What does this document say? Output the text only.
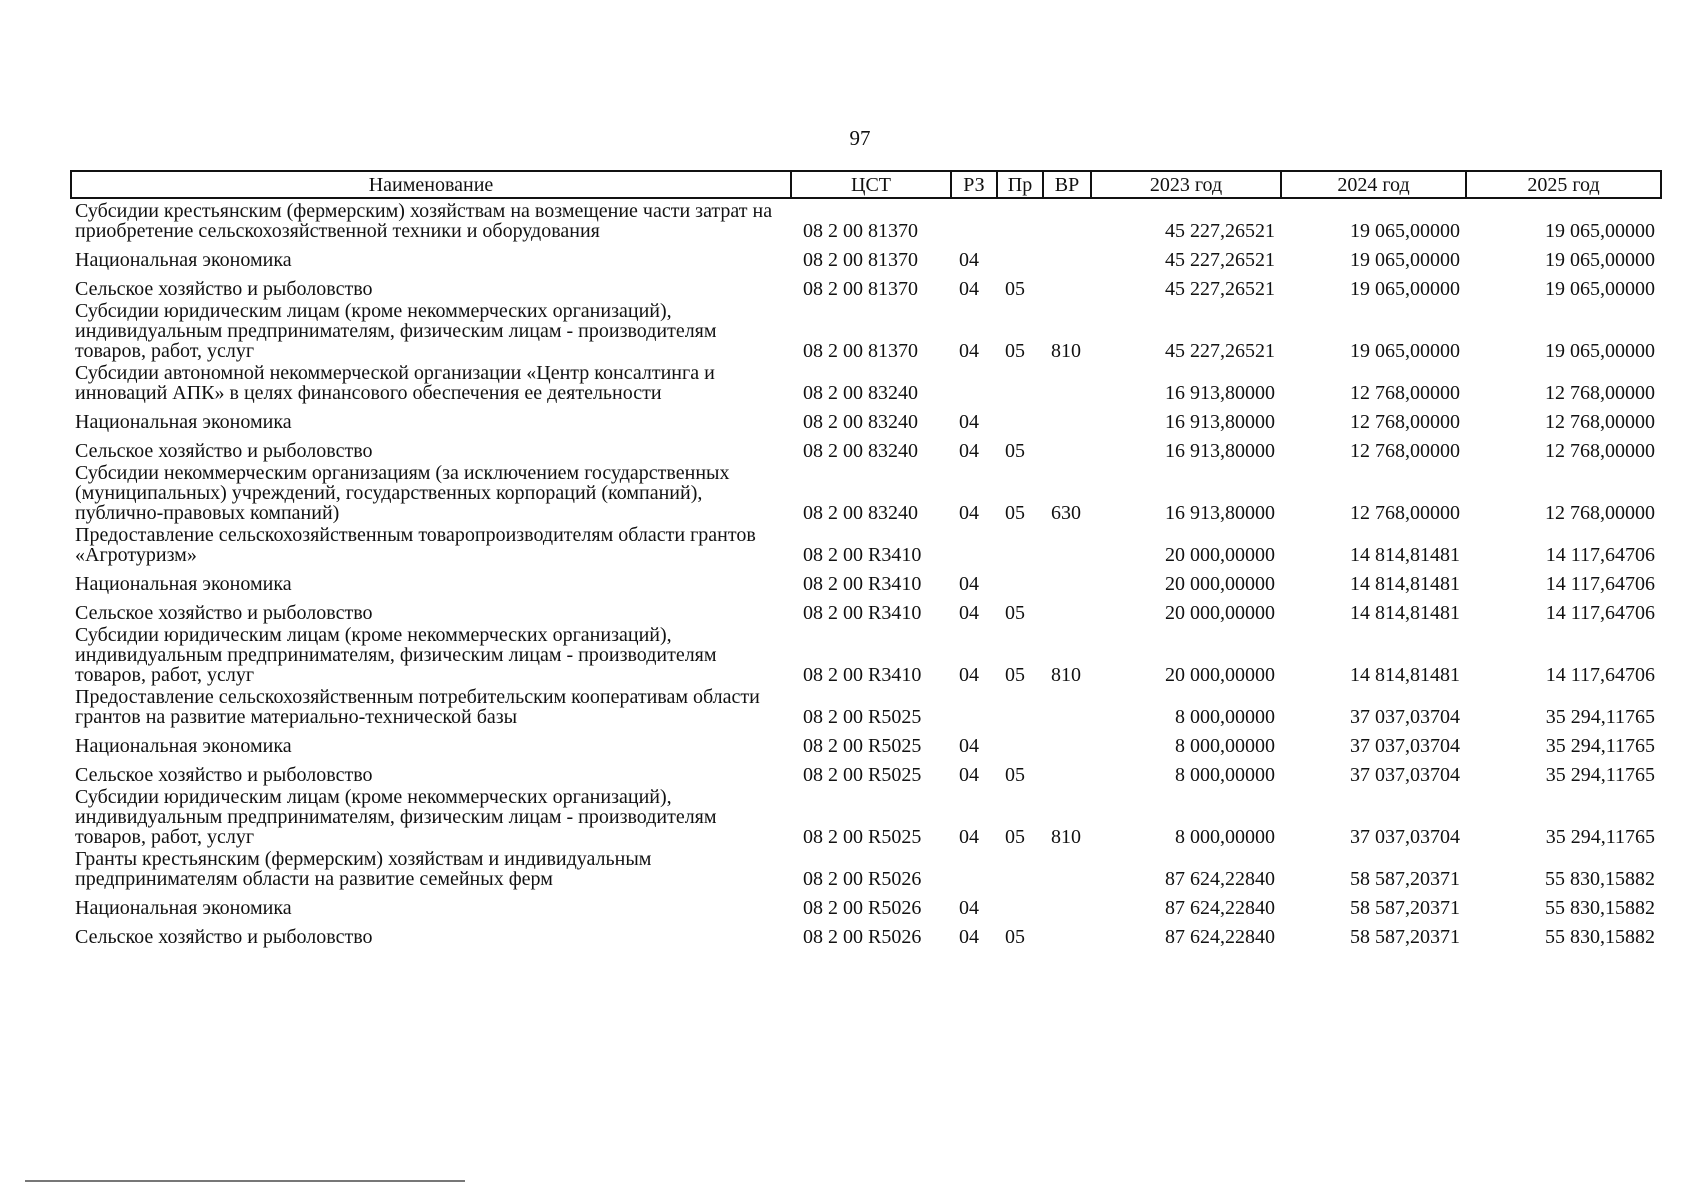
97
Наименование	ЦСТ	РЗ	Пр	ВР	2023 год	2024 год	2025 год
Субсидии крестьянским (фермерским) хозяйствам на возмещение части затрат на приобретение сельскохозяйственной техники и оборудования	08 2 00 81370				45 227,26521	19 065,00000	19 065,00000
Национальная экономика	08 2 00 81370	04			45 227,26521	19 065,00000	19 065,00000
Сельское хозяйство и рыболовство	08 2 00 81370	04	05		45 227,26521	19 065,00000	19 065,00000
Субсидии юридическим лицам (кроме некоммерческих организаций), индивидуальным предпринимателям, физическим лицам - производителям товаров, работ, услуг	08 2 00 81370	04	05	810	45 227,26521	19 065,00000	19 065,00000
Субсидии автономной некоммерческой организации «Центр консалтинга и инноваций АПК» в целях финансового обеспечения ее деятельности	08 2 00 83240				16 913,80000	12 768,00000	12 768,00000
Национальная экономика	08 2 00 83240	04			16 913,80000	12 768,00000	12 768,00000
Сельское хозяйство и рыболовство	08 2 00 83240	04	05		16 913,80000	12 768,00000	12 768,00000
Субсидии некоммерческим организациям (за исключением государственных (муниципальных) учреждений, государственных корпораций (компаний), публично-правовых компаний)	08 2 00 83240	04	05	630	16 913,80000	12 768,00000	12 768,00000
Предоставление сельскохозяйственным товаропроизводителям области грантов «Агротуризм»	08 2 00 R3410				20 000,00000	14 814,81481	14 117,64706
Национальная экономика	08 2 00 R3410	04			20 000,00000	14 814,81481	14 117,64706
Сельское хозяйство и рыболовство	08 2 00 R3410	04	05		20 000,00000	14 814,81481	14 117,64706
Субсидии юридическим лицам (кроме некоммерческих организаций), индивидуальным предпринимателям, физическим лицам - производителям товаров, работ, услуг	08 2 00 R3410	04	05	810	20 000,00000	14 814,81481	14 117,64706
Предоставление сельскохозяйственным потребительским кооперативам области грантов на развитие материально-технической базы	08 2 00 R5025				8 000,00000	37 037,03704	35 294,11765
Национальная экономика	08 2 00 R5025	04			8 000,00000	37 037,03704	35 294,11765
Сельское хозяйство и рыболовство	08 2 00 R5025	04	05		8 000,00000	37 037,03704	35 294,11765
Субсидии юридическим лицам (кроме некоммерческих организаций), индивидуальным предпринимателям, физическим лицам - производителям товаров, работ, услуг	08 2 00 R5025	04	05	810	8 000,00000	37 037,03704	35 294,11765
Гранты крестьянским (фермерским) хозяйствам и индивидуальным предпринимателям области на развитие семейных ферм	08 2 00 R5026				87 624,22840	58 587,20371	55 830,15882
Национальная экономика	08 2 00 R5026	04			87 624,22840	58 587,20371	55 830,15882
Сельское хозяйство и рыболовство	08 2 00 R5026	04	05		87 624,22840	58 587,20371	55 830,15882
